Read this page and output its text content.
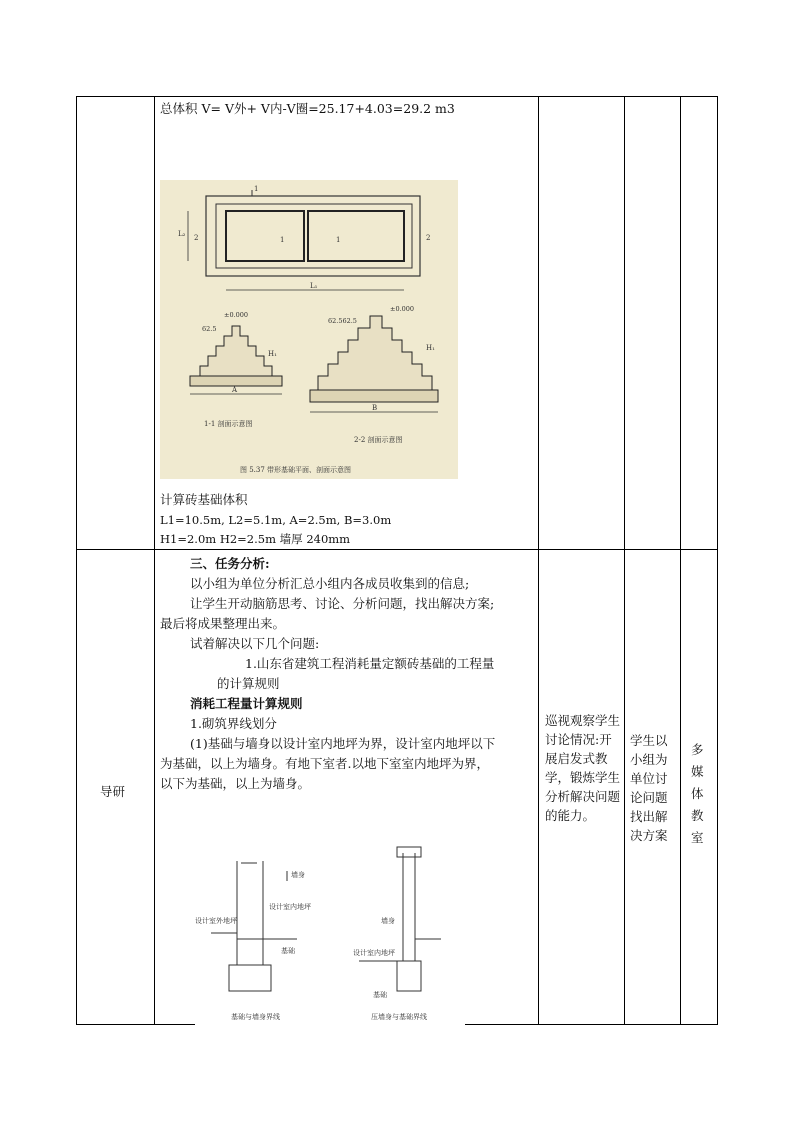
总体积 V= V外+ V内-V圈=25.17+4.03=29.2 m3
1
2	2
1	1
L₂
L₁
±0.000
62.5
A
H₁
1-1 剖面示意图
±0.000
62.562.5
B
H₁
2-2 剖面示意图
图 5.37 带形基础平面、剖面示意图
计算砖基础体积
L1=10.5m, L2=5.1m, A=2.5m, B=3.0m
H1=2.0m H2=2.5m 墙厚 240mm
导研
三、任务分析:
以小组为单位分析汇总小组内各成员收集到的信息;
让学生开动脑筋思考、讨论、分析问题，找出解决方案;
最后将成果整理出来。
试着解决以下几个问题:
1.山东省建筑工程消耗量定额砖基础的工程量
的计算规则
消耗工程量计算规则
1.砌筑界线划分
(1)基础与墙身以设计室内地坪为界，设计室内地坪以下
为基础，以上为墙身。有地下室者.以地下室室内地坪为界，
以下为基础，以上为墙身。
墙身
设计室内地坪
设计室外地坪
基础
基础与墙身界线
墙身
设计室内地坪
基础
压墙身与基础界线
巡视观察学生讨论情况:开展启发式教学，锻炼学生分析解决问题的能力。
学生以小组为单位讨论问题找出解决方案
多媒体教室
